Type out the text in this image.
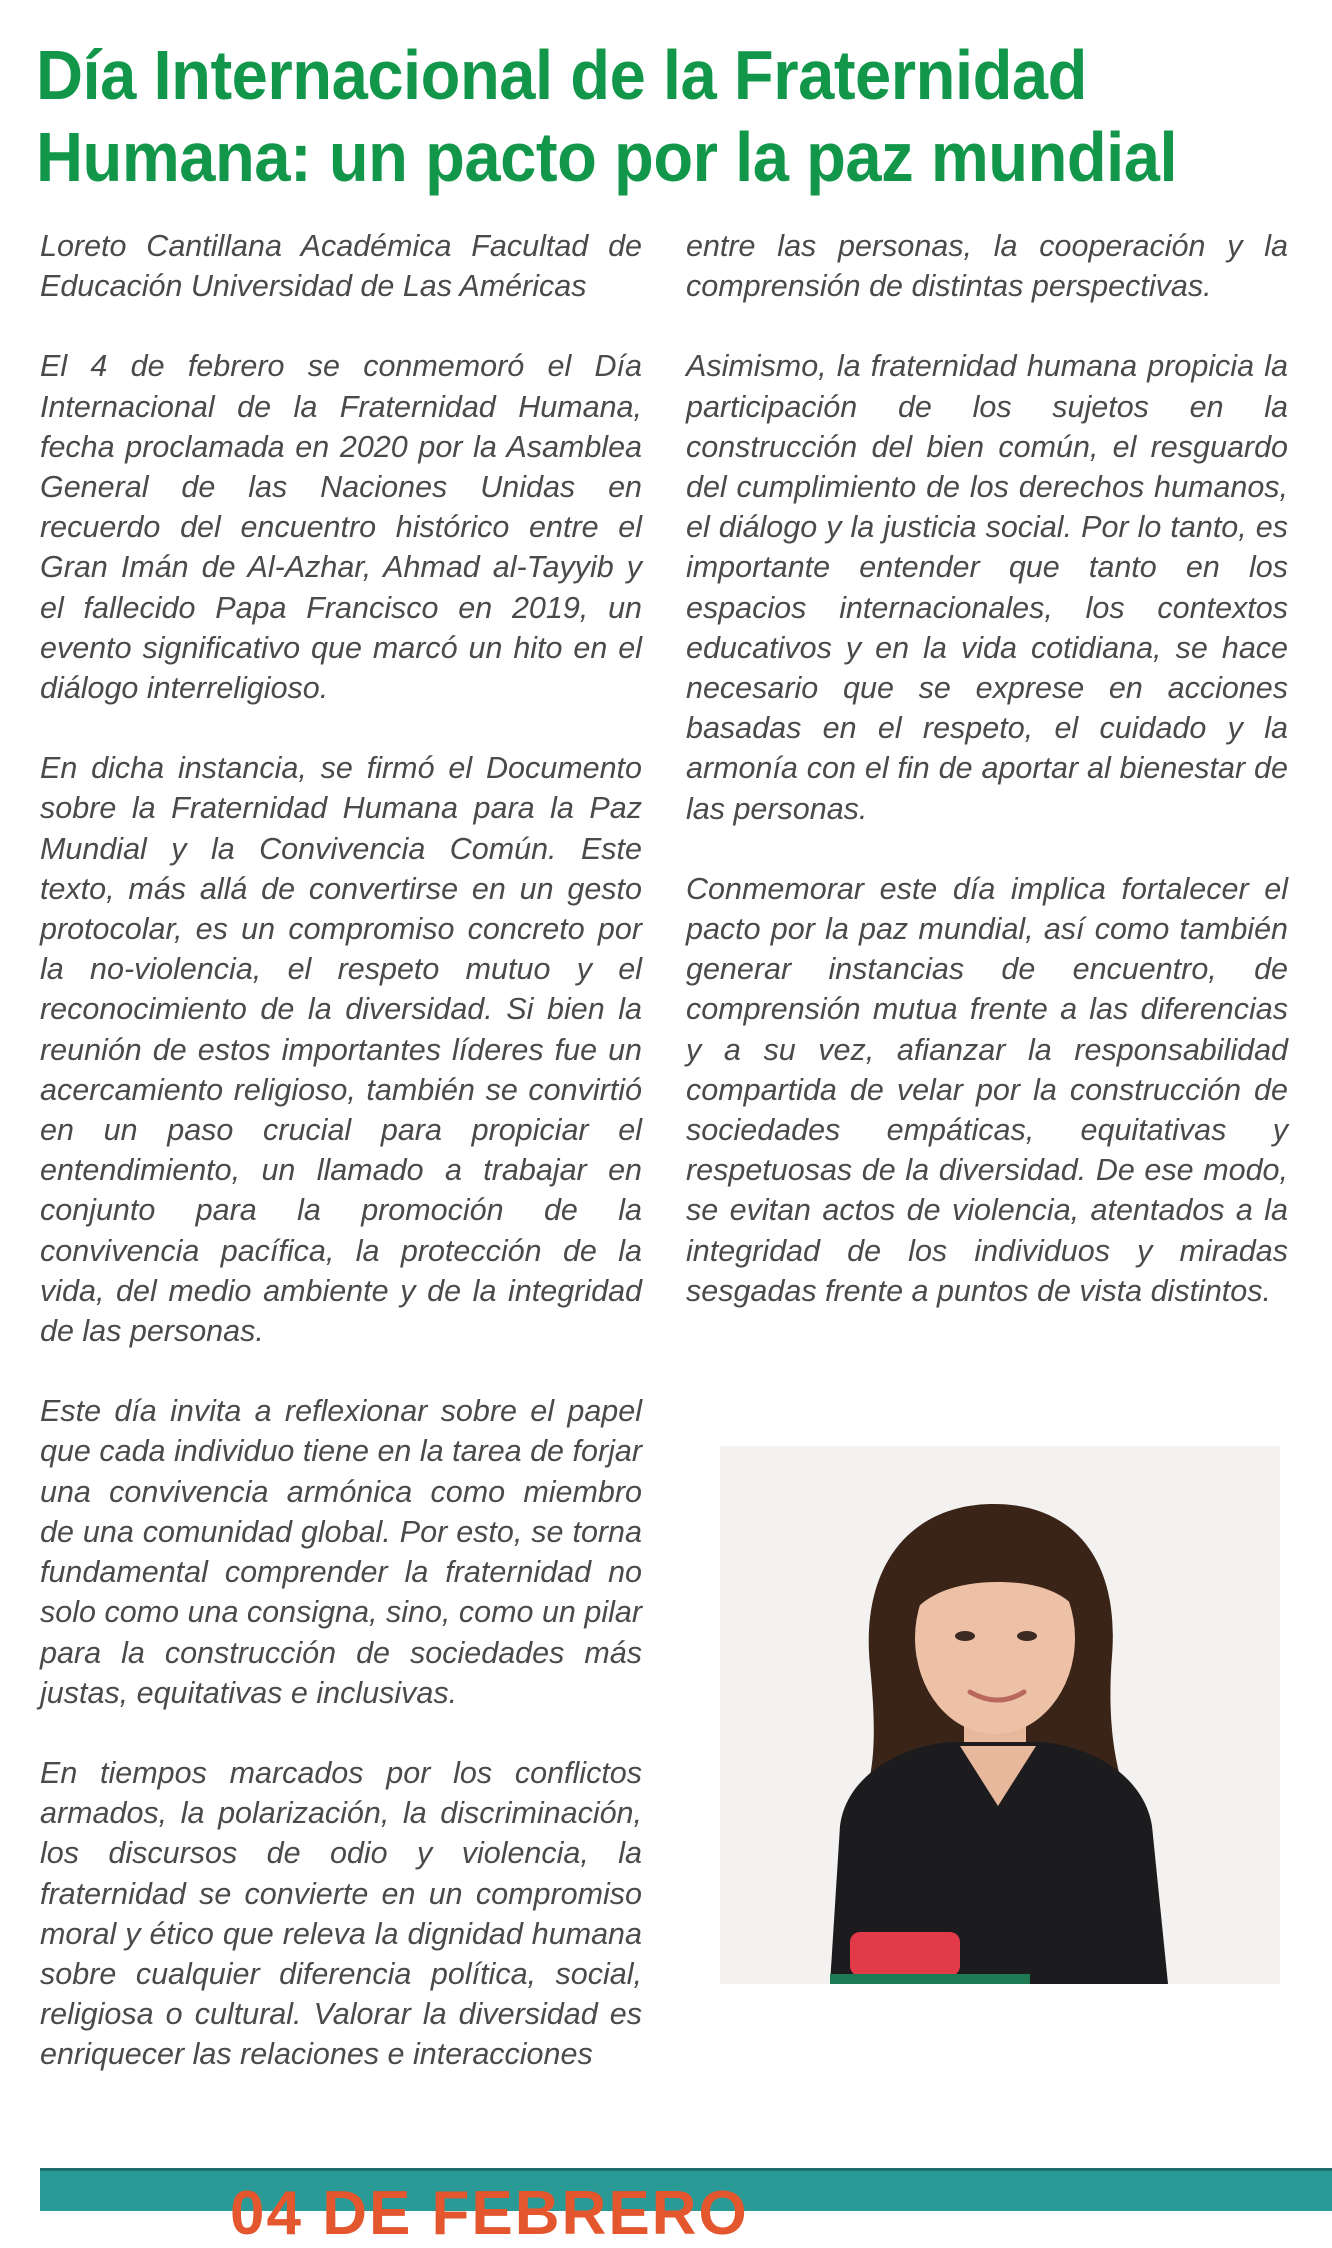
Día Internacional de la Fraternidad
Humana: un pacto por la paz mundial

Loreto Cantillana Académica Facultad de Educación Universidad de Las Américas

El 4 de febrero se conmemoró el Día Internacional de la Fraternidad Humana, fecha proclamada en 2020 por la Asamblea General de las Naciones Unidas en recuerdo del encuentro histórico entre el Gran Imán de Al-Azhar, Ahmad al-Tayyib y el fallecido Papa Francisco en 2019, un evento significativo que marcó un hito en el diálogo interreligioso.

En dicha instancia, se firmó el Documento sobre la Fraternidad Humana para la Paz Mundial y la Convivencia Común. Este texto, más allá de convertirse en un gesto protocolar, es un compromiso concreto por la no-violencia, el respeto mutuo y el reconocimiento de la diversidad. Si bien la reunión de estos importantes líderes fue un acercamiento religioso, también se convirtió en un paso crucial para propiciar el entendimiento, un llamado a trabajar en conjunto para la promoción de la convivencia pacífica, la protección de la vida, del medio ambiente y de la integridad de las personas.

Este día invita a reflexionar sobre el papel que cada individuo tiene en la tarea de forjar una convivencia armónica como miembro de una comunidad global. Por esto, se torna fundamental comprender la fraternidad no solo como una consigna, sino, como un pilar para la construcción de sociedades más justas, equitativas e inclusivas.

En tiempos marcados por los conflictos armados, la polarización, la discriminación, los discursos de odio y violencia, la fraternidad se convierte en un compromiso moral y ético que releva la dignidad humana sobre cualquier diferencia política, social, religiosa o cultural. Valorar la diversidad es enriquecer las relaciones e interacciones

entre las personas, la cooperación y la comprensión de distintas perspectivas.

Asimismo, la fraternidad humana propicia la participación de los sujetos en la construcción del bien común, el resguardo del cumplimiento de los derechos humanos, el diálogo y la justicia social. Por lo tanto, es importante entender que tanto en los espacios internacionales, los contextos educativos y en la vida cotidiana, se hace necesario que se exprese en acciones basadas en el respeto, el cuidado y la armonía con el fin de aportar al bienestar de las personas.

Conmemorar este día implica fortalecer el pacto por la paz mundial, así como también generar instancias de encuentro, de comprensión mutua frente a las diferencias y a su vez, afianzar la responsabilidad compartida de velar por la construcción de sociedades empáticas, equitativas y respetuosas de la diversidad. De ese modo, se evitan actos de violencia, atentados a la integridad de los individuos y miradas sesgadas frente a puntos de vista distintos.

04 DE FEBRERO
